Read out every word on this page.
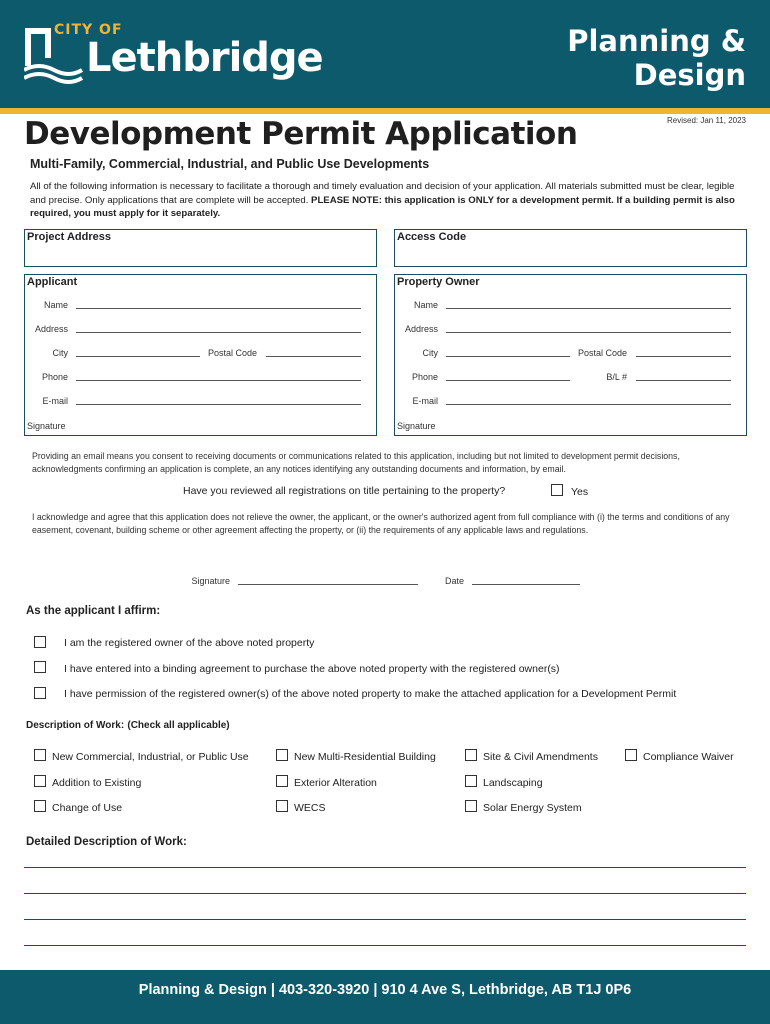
CITY OF
Lethbridge	Planning &
Design
Development Permit Application	Revised: Jan 11, 2023
Multi-Family, Commercial, Industrial, and Public Use Developments
All of the following information is necessary to facilitate a thorough and timely evaluation and decision of your application. All materials submitted must be clear, legible and precise. Only applications that are complete will be accepted. PLEASE NOTE: this application is ONLY for a development permit. If a building permit is also required, you must apply for it separately.
Project Address	Access Code
Applicant
Name
Address
City	Postal Code
Phone
E-mail
Signature
Property Owner
Name
Address
City	Postal Code
Phone	B/L #
E-mail
Signature
Providing an email means you consent to receiving documents or communications related to this application, including but not limited to development permit decisions, acknowledgments confirming an application is complete, an any notices identifying any outstanding documents and information, by email.
Have you reviewed all registrations on title pertaining to the property?	Yes
I acknowledge and agree that this application does not relieve the owner, the applicant, or the owner's authorized agent from full compliance with (i) the terms and conditions of any easement, covenant, building scheme or other agreement affecting the property, or (ii) the requirements of any applicable laws and regulations.
Signature	Date
As the applicant I affirm:
I am the registered owner of the above noted property
I have entered into a binding agreement to purchase the above noted property with the registered owner(s)
I have permission of the registered owner(s) of the above noted property to make the attached application for a Development Permit
Description of Work: (Check all applicable)
New Commercial, Industrial, or Public Use	New Multi-Residential Building	Site & Civil Amendments	Compliance Waiver
Addition to Existing	Exterior Alteration	Landscaping
Change of Use	WECS	Solar Energy System
Detailed Description of Work:
Planning & Design | 403-320-3920 | 910 4 Ave S, Lethbridge, AB T1J 0P6
